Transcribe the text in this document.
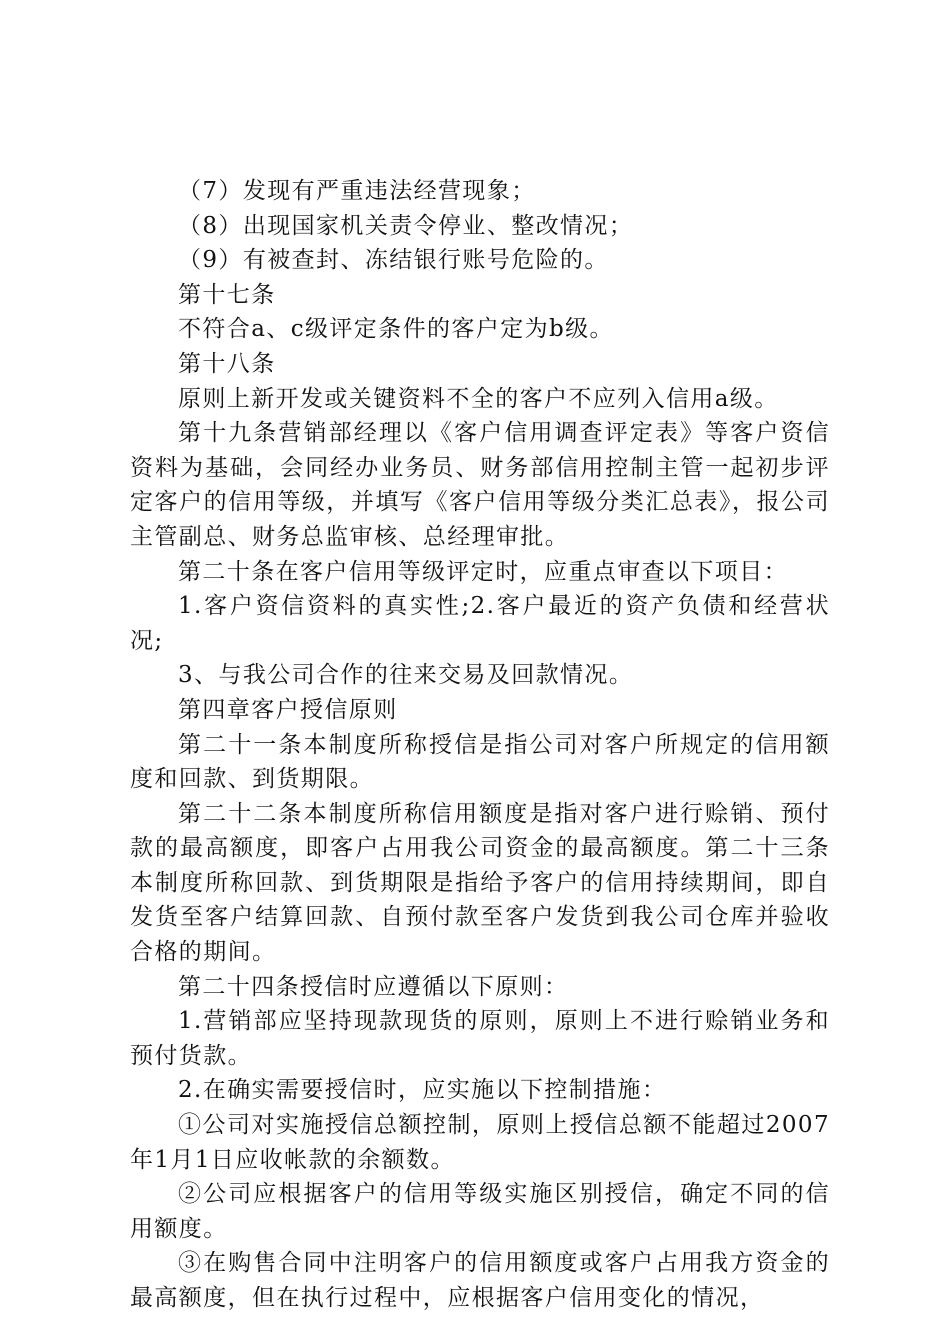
（7）发现有严重违法经营现象；

（8）出现国家机关责令停业、整改情况；

（9）有被查封、冻结银行账号危险的。

第十七条

不符合a、c级评定条件的客户定为b级。

第十八条

原则上新开发或关键资料不全的客户不应列入信用a级。

第十九条营销部经理以《客户信用调查评定表》等客户资信资料为基础，会同经办业务员、财务部信用控制主管一起初步评定客户的信用等级，并填写《客户信用等级分类汇总表》，报公司主管副总、财务总监审核、总经理审批。

第二十条在客户信用等级评定时，应重点审查以下项目：

1.客户资信资料的真实性;2.客户最近的资产负债和经营状况;

3、与我公司合作的往来交易及回款情况。

第四章客户授信原则

第二十一条本制度所称授信是指公司对客户所规定的信用额度和回款、到货期限。

第二十二条本制度所称信用额度是指对客户进行赊销、预付款的最高额度，即客户占用我公司资金的最高额度。第二十三条本制度所称回款、到货期限是指给予客户的信用持续期间，即自发货至客户结算回款、自预付款至客户发货到我公司仓库并验收合格的期间。

第二十四条授信时应遵循以下原则：

1.营销部应坚持现款现货的原则，原则上不进行赊销业务和预付货款。

2.在确实需要授信时，应实施以下控制措施：

①公司对实施授信总额控制，原则上授信总额不能超过2007年1月1日应收帐款的余额数。

②公司应根据客户的信用等级实施区别授信，确定不同的信用额度。

③在购售合同中注明客户的信用额度或客户占用我方资金的最高额度，但在执行过程中，应根据客户信用变化的情况，
